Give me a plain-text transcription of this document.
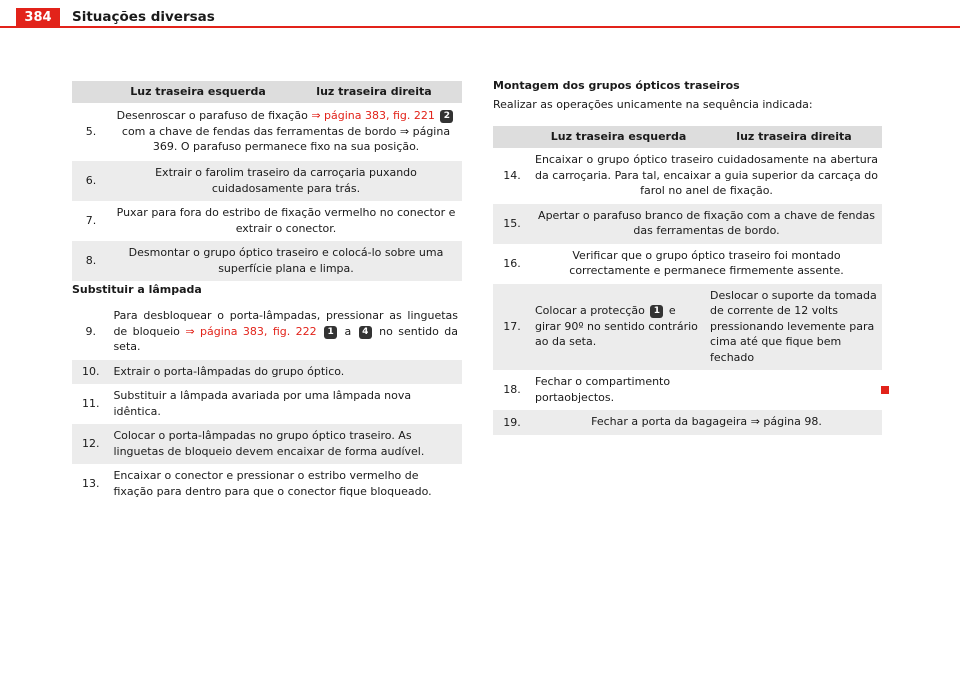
384	Situações diversas
	Luz traseira esquerda	luz traseira direita
5.	Desenroscar o parafuso de fixação ⇒ página 383, fig. 221 2 com a chave de fendas das ferramentas de bordo ⇒ página 369. O parafuso permanece fixo na sua posição.	
6.	Extrair o farolim traseiro da carroçaria puxando cuidadosamente para trás.	
7.	Puxar para fora do estribo de fixação vermelho no conector e extrair o conector.	
8.	Desmontar o grupo óptico traseiro e colocá-lo sobre uma superfície plana e limpa.	
Substituir a lâmpada
9.	Para desbloquear o porta-lâmpadas, pressionar as linguetas de bloqueio ⇒ página 383, fig. 222 1 a 4 no sentido da seta.
10.	Extrair o porta-lâmpadas do grupo óptico.
11.	Substituir a lâmpada avariada por uma lâmpada nova idêntica.
12.	Colocar o porta-lâmpadas no grupo óptico traseiro. As linguetas de bloqueio devem encaixar de forma audível.
13.	Encaixar o conector e pressionar o estribo vermelho de fixação para dentro para que o conector fique bloqueado.
Montagem dos grupos ópticos traseiros
Realizar as operações unicamente na sequência indicada:
	Luz traseira esquerda	luz traseira direita
14.	Encaixar o grupo óptico traseiro cuidadosamente na abertura da carroçaria. Para tal, encaixar a guia superior da carcaça do farol no anel de fixação.	
15.	Apertar o parafuso branco de fixação com a chave de fendas das ferramentas de bordo.	
16.	Verificar que o grupo óptico traseiro foi montado correctamente e permanece firmemente assente.	
17.	Colocar a protecção 1 e girar 90º no sentido contrário ao da seta.	Deslocar o suporte da tomada de corrente de 12 volts pressionando levemente para cima até que fique bem fechado
18.	Fechar o compartimento portaobjectos.	
19.	Fechar a porta da bagageira ⇒ página 98.	
